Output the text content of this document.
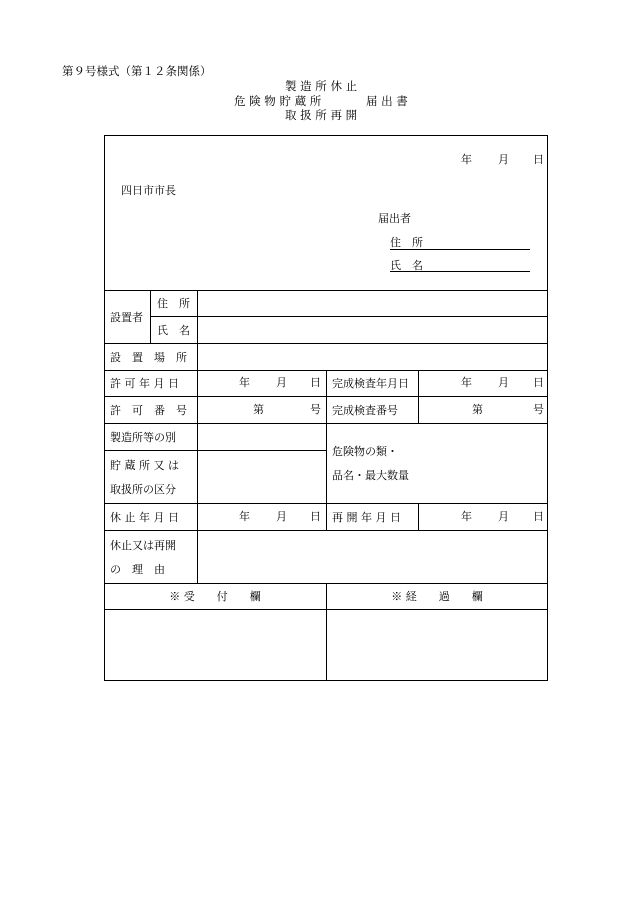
第９号様式（第１２条関係）
製 造 所 休 止
危 険 物 貯 蔵 所	届 出 書
取 扱 所 再 開
年 月 日
四日市市長
届出者
住　所
氏　名
設置者
住　所
氏　名
設　置　場　所
許 可 年 月 日	年 月 日 完成検査年月日	年 月 日
許　可　番　号	第	号 完成検査番号	第	号
製造所等の別
貯 蔵 所 又 は
取扱所の区分
危険物の類・
品名・最大数量
休 止 年 月 日	年 月 日 再 開 年 月 日	年 月 日
休止又は再開
の　理　由
※ 受　　付　　欄	※ 経　　過　　欄
